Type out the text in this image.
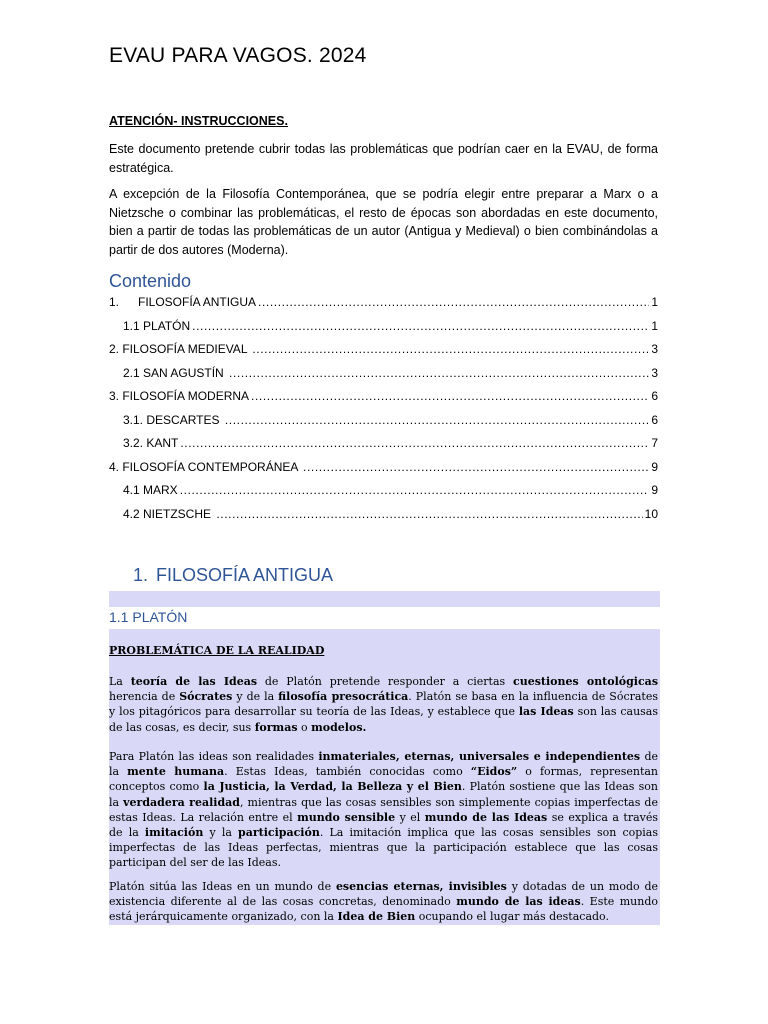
EVAU PARA VAGOS. 2024

ATENCIÓN- INSTRUCCIONES.

Este documento pretende cubrir todas las problemáticas que podrían caer en la EVAU, de forma estratégica.

A excepción de la Filosofía Contemporánea, que se podría elegir entre preparar a Marx o a Nietzsche o combinar las problemáticas, el resto de épocas son abordadas en este documento, bien a partir de todas las problemáticas de un autor (Antigua y Medieval) o bien combinándolas a partir de dos autores (Moderna).

Contenido
1.	FILOSOFÍA ANTIGUA .....	1
1.1 PLATÓN .....	1
2. FILOSOFÍA MEDIEVAL .....	3
2.1 SAN AGUSTÍN .....	3
3. FILOSOFÍA MODERNA .....	6
3.1. DESCARTES .....	6
3.2. KANT .....	7
4. FILOSOFÍA CONTEMPORÁNEA .....	9
4.1 MARX .....	9
4.2 NIETZSCHE .....	10
1. FILOSOFÍA ANTIGUA
1.1 PLATÓN

PROBLEMÁTICA DE LA REALIDAD

La teoría de las Ideas de Platón pretende responder a ciertas cuestiones ontológicas herencia de Sócrates y de la filosofía presocrática. Platón se basa en la influencia de Sócrates y los pitagóricos para desarrollar su teoría de las Ideas, y establece que las Ideas son las causas de las cosas, es decir, sus formas o modelos.

Para Platón las ideas son realidades inmateriales, eternas, universales e independientes de la mente humana. Estas Ideas, también conocidas como “Eidos” o formas, representan conceptos como la Justicia, la Verdad, la Belleza y el Bien. Platón sostiene que las Ideas son la verdadera realidad, mientras que las cosas sensibles son simplemente copias imperfectas de estas Ideas. La relación entre el mundo sensible y el mundo de las Ideas se explica a través de la imitación y la participación. La imitación implica que las cosas sensibles son copias imperfectas de las Ideas perfectas, mientras que la participación establece que las cosas participan del ser de las Ideas.

Platón sitúa las Ideas en un mundo de esencias eternas, invisibles y dotadas de un modo de existencia diferente al de las cosas concretas, denominado mundo de las ideas. Este mundo está jerárquicamente organizado, con la Idea de Bien ocupando el lugar más destacado.
